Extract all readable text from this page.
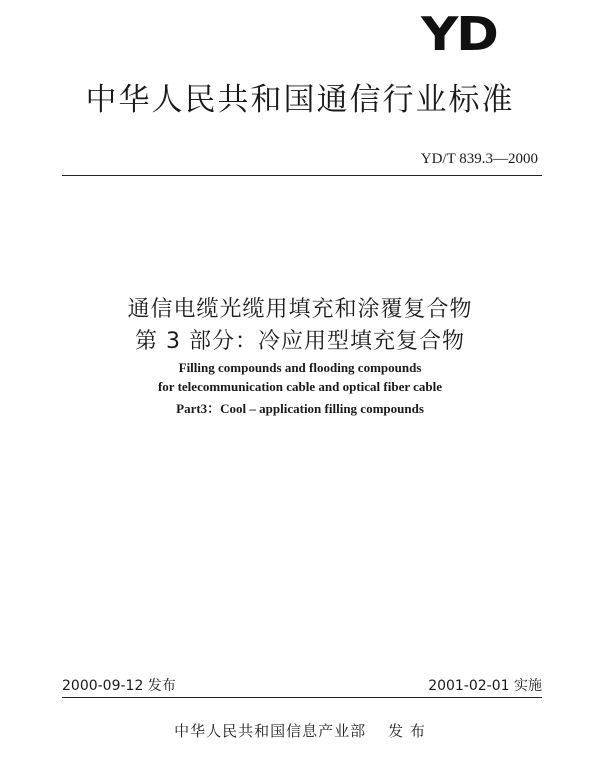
YD
中华人民共和国通信行业标准
YD/T 839.3—2000
通信电缆光缆用填充和涂覆复合物
第 3 部分：冷应用型填充复合物
Filling compounds and flooding compounds
for telecommunication cable and optical fiber cable
Part3：Cool – application filling compounds
2000-09-12 发布	2001-02-01 实施
中华人民共和国信息产业部 发 布
